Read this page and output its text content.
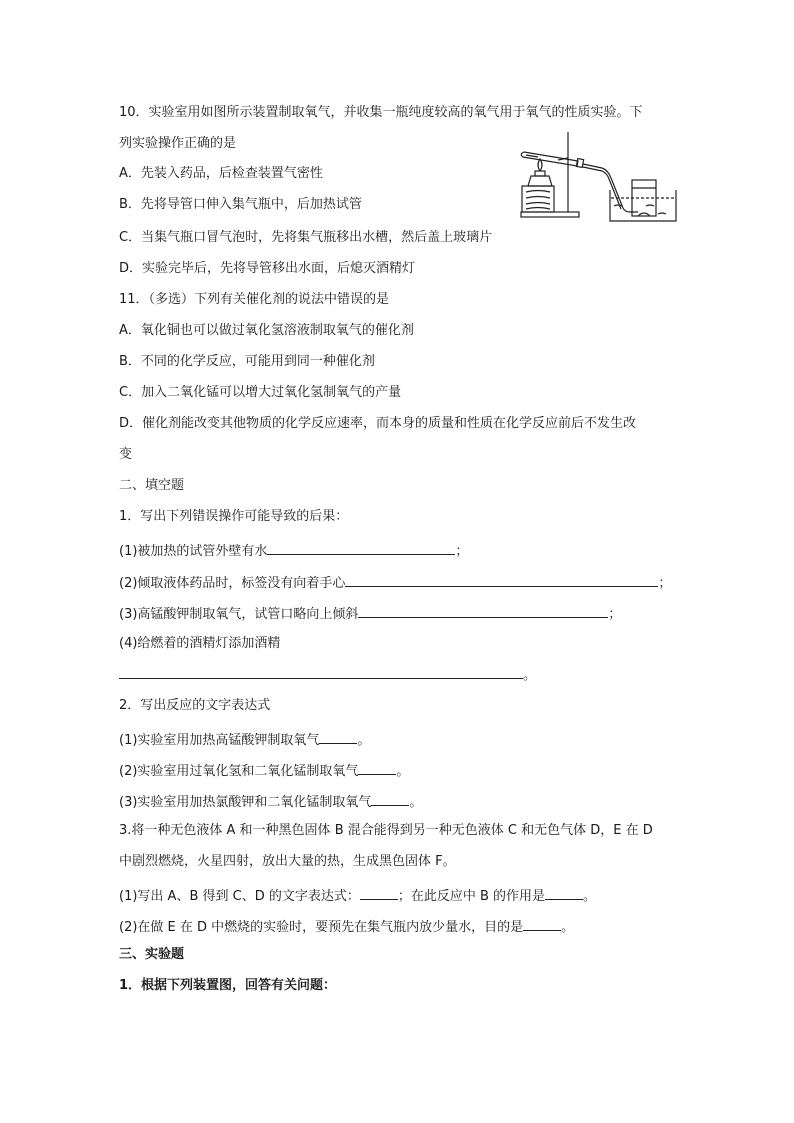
10．实验室用如图所示装置制取氧气，并收集一瓶纯度较高的氧气用于氧气的性质实验。下
列实验操作正确的是
A．先装入药品，后检查装置气密性
B．先将导管口伸入集气瓶中，后加热试管
C．当集气瓶口冒气泡时，先将集气瓶移出水槽，然后盖上玻璃片
D．实验完毕后，先将导管移出水面，后熄灭酒精灯
11．（多选）下列有关催化剂的说法中错误的是
A．氧化铜也可以做过氧化氢溶液制取氧气的催化剂
B．不同的化学反应，可能用到同一种催化剂
C．加入二氧化锰可以增大过氧化氢制氧气的产量
D．催化剂能改变其他物质的化学反应速率，而本身的质量和性质在化学反应前后不发生改
变
二、填空题
1．写出下列错误操作可能导致的后果：
(1)被加热的试管外壁有水	；
(2)倾取液体药品时，标签没有向着手心	；
(3)高锰酸钾制取氧气，试管口略向上倾斜	；
(4)给燃着的酒精灯添加酒精
。
2．写出反应的文字表达式
(1)实验室用加热高锰酸钾制取氧气	。
(2)实验室用过氧化氢和二氧化锰制取氧气	。
(3)实验室用加热氯酸钾和二氧化锰制取氧气	。
3.将一种无色液体 A 和一种黑色固体 B 混合能得到另一种无色液体 C 和无色气体 D，E 在 D
中剧烈燃烧，火星四射，放出大量的热，生成黑色固体 F。
(1)写出 A、B 得到 C、D 的文字表达式：	；在此反应中 B 的作用是	。
(2)在做 E 在 D 中燃烧的实验时，要预先在集气瓶内放少量水，目的是	。
三、实验题
1．根据下列装置图，回答有关问题：
